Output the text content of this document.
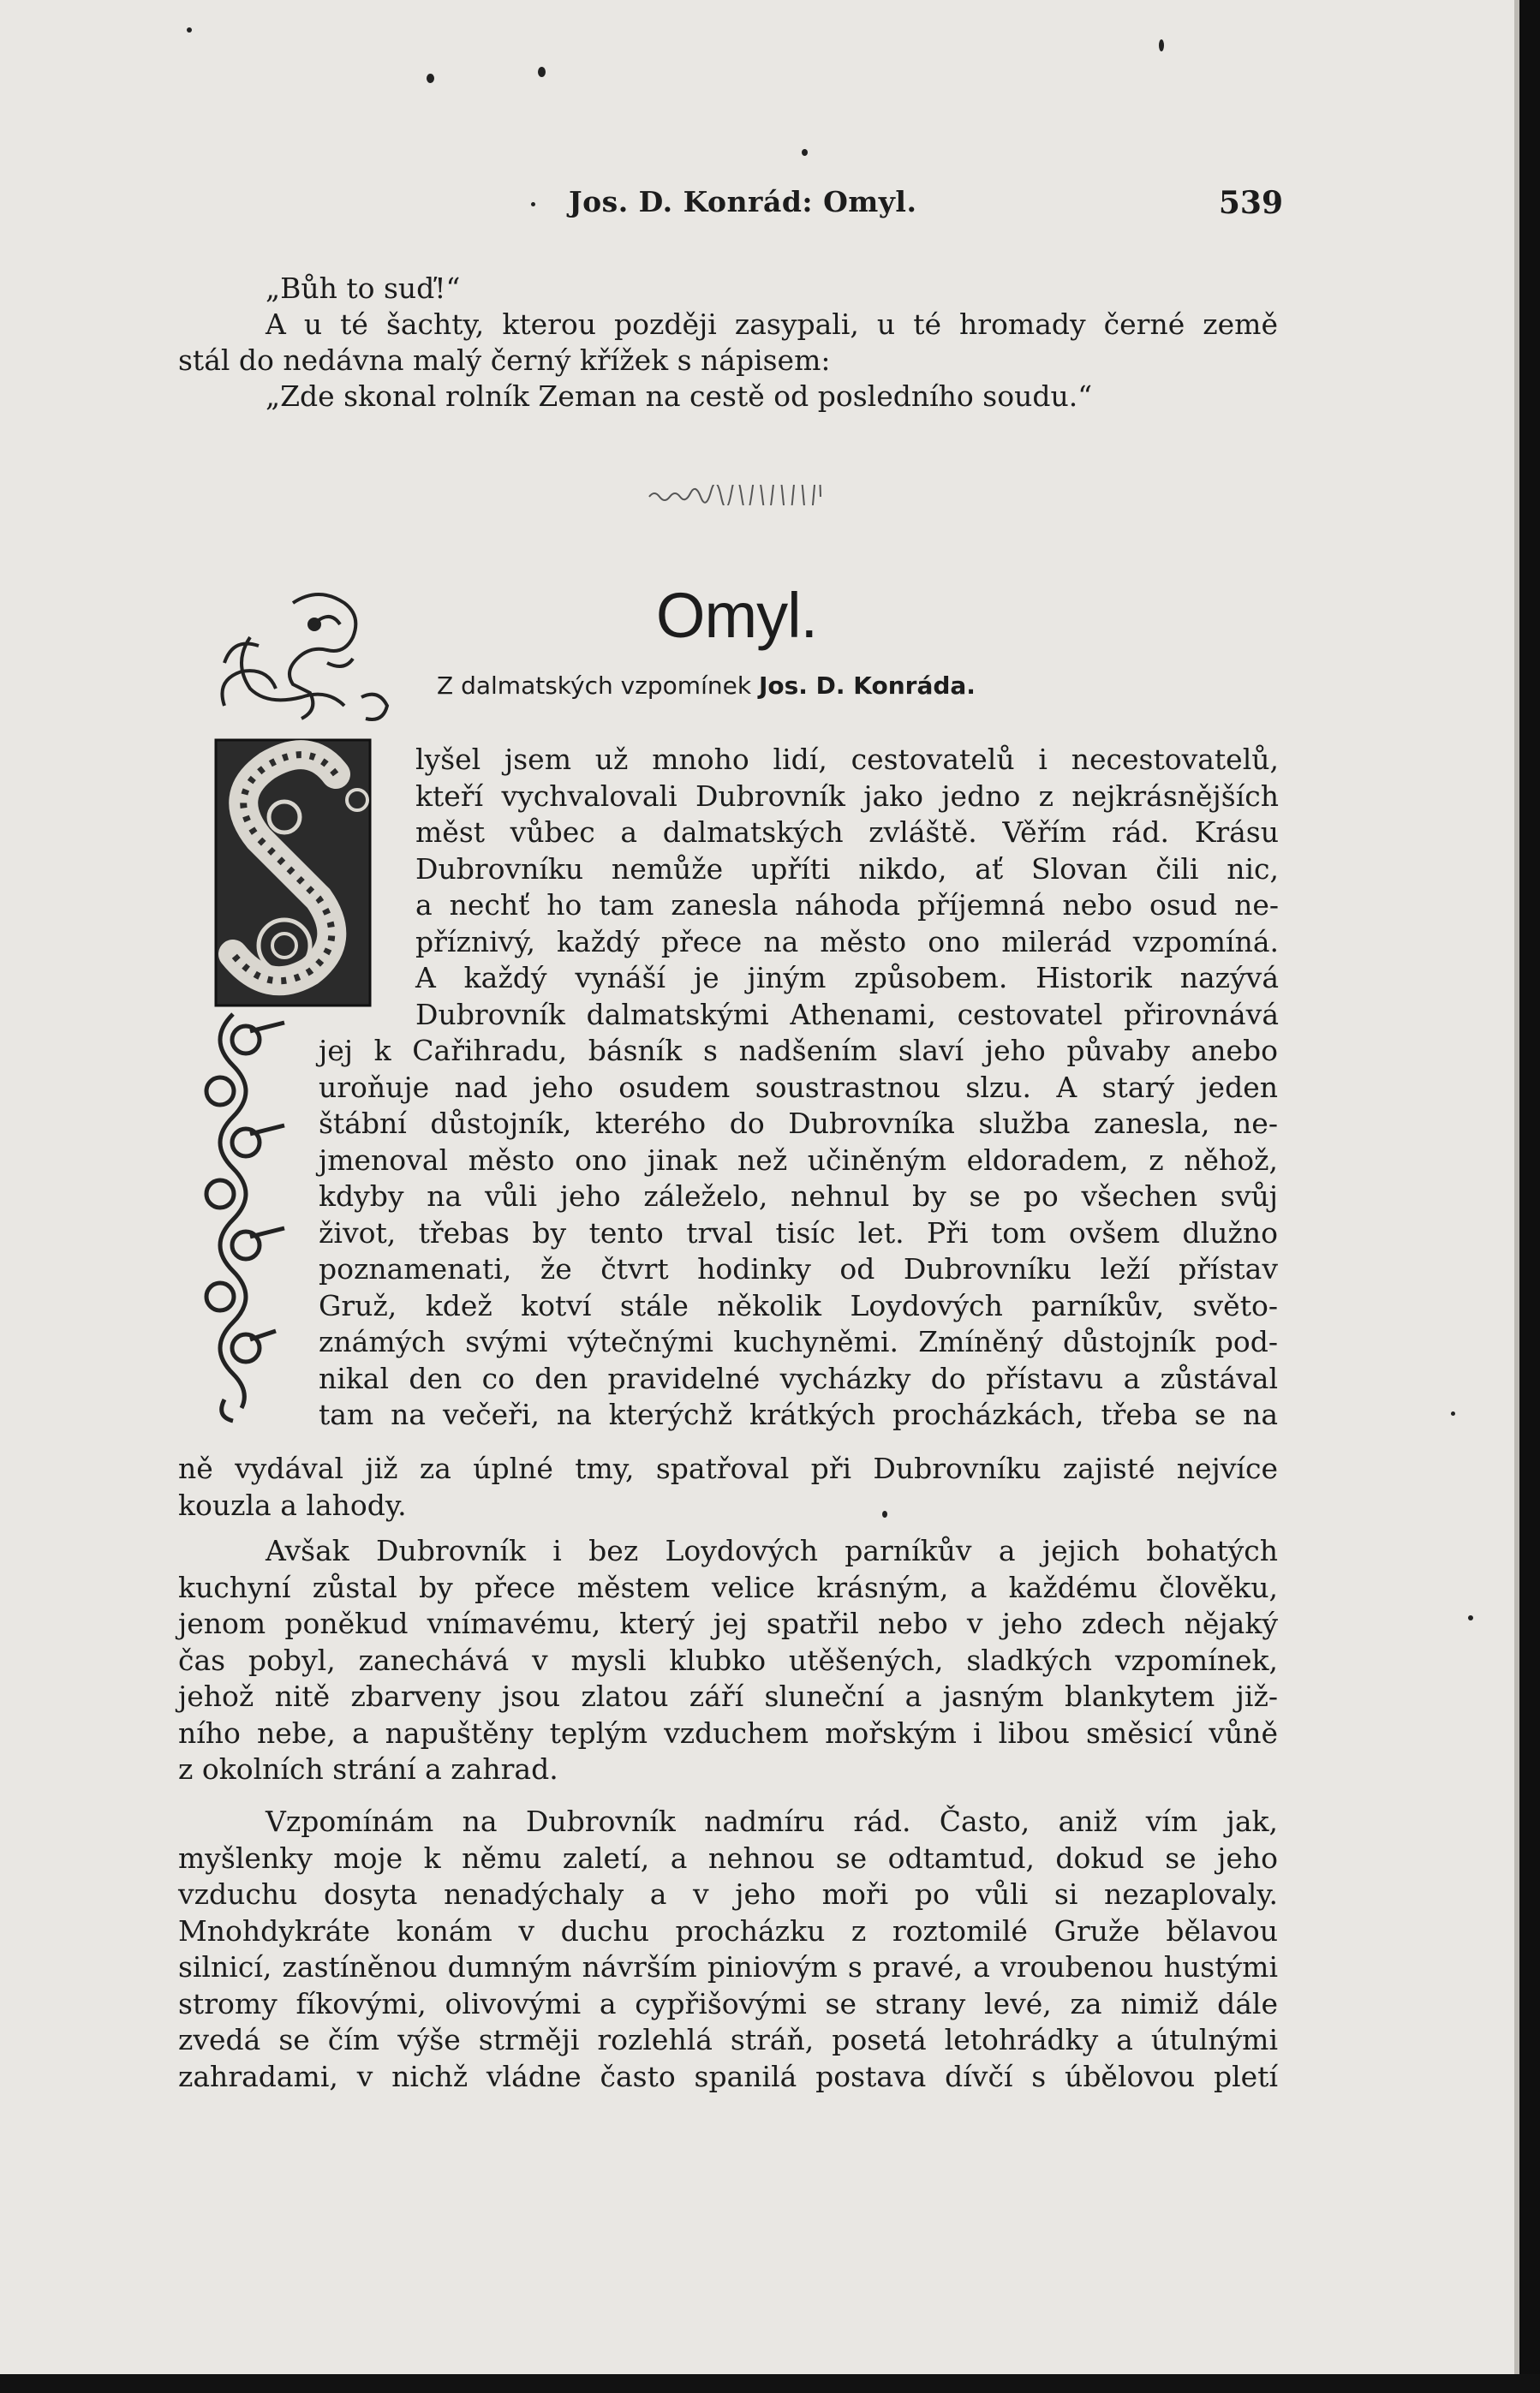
Jos. D. Konrád: Omyl.	539
„Bůh to suď!“
A u té šachty, kterou později zasypali, u té hromady černé země
stál do nedávna malý černý křížek s nápisem:
„Zde skonal rolník Zeman na cestě od posledního soudu.“
Omyl.
Z dalmatských vzpomínek Jos. D. Konráda.
lyšel jsem už mnoho lidí, cestovatelů i necestovatelů,
kteří vychvalovali Dubrovník jako jedno z nejkrásnějších
měst vůbec a dalmatských zvláště. Věřím rád. Krásu
Dubrovníku nemůže upříti nikdo, ať Slovan čili nic,
a nechť ho tam zanesla náhoda příjemná nebo osud ne-
příznivý, každý přece na město ono milerád vzpomíná.
A každý vynáší je jiným způsobem. Historik nazývá
Dubrovník dalmatskými Athenami, cestovatel přirovnává
jej k Cařihradu, básník s nadšením slaví jeho půvaby anebo
uroňuje nad jeho osudem soustrastnou slzu. A starý jeden
štábní důstojník, kterého do Dubrovníka služba zanesla, ne-
jmenoval město ono jinak než učiněným eldoradem, z něhož,
kdyby na vůli jeho záleželo, nehnul by se po všechen svůj
život, třebas by tento trval tisíc let. Při tom ovšem dlužno
poznamenati, že čtvrt hodinky od Dubrovníku leží přístav
Gruž, kdež kotví stále několik Loydových parníkův, světo-
známých svými výtečnými kuchyněmi. Zmíněný důstojník pod-
nikal den co den pravidelné vycházky do přístavu a zůstával
tam na večeři, na kterýchž krátkých procházkách, třeba se na
ně vydával již za úplné tmy, spatřoval při Dubrovníku zajisté nejvíce
kouzla a lahody.
Avšak Dubrovník i bez Loydových parníkův a jejich bohatých
kuchyní zůstal by přece městem velice krásným, a každému člověku,
jenom poněkud vnímavému, který jej spatřil nebo v jeho zdech nějaký
čas pobyl, zanechává v mysli klubko utěšených, sladkých vzpomínek,
jehož nitě zbarveny jsou zlatou září sluneční a jasným blankytem již-
ního nebe, a napuštěny teplým vzduchem mořským i libou směsicí vůně
z okolních strání a zahrad.
Vzpomínám na Dubrovník nadmíru rád. Často, aniž vím jak,
myšlenky moje k němu zaletí, a nehnou se odtamtud, dokud se jeho
vzduchu dosyta nenadýchaly a v jeho moři po vůli si nezaplovaly.
Mnohdykráte konám v duchu procházku z roztomilé Gruže bělavou
silnicí, zastíněnou dumným návrším piniovým s pravé, a vroubenou hustými
stromy fíkovými, olivovými a cypřišovými se strany levé, za nimiž dále
zvedá se čím výše strměji rozlehlá stráň, posetá letohrádky a útulnými
zahradami, v nichž vládne často spanilá postava dívčí s úbělovou pletí
